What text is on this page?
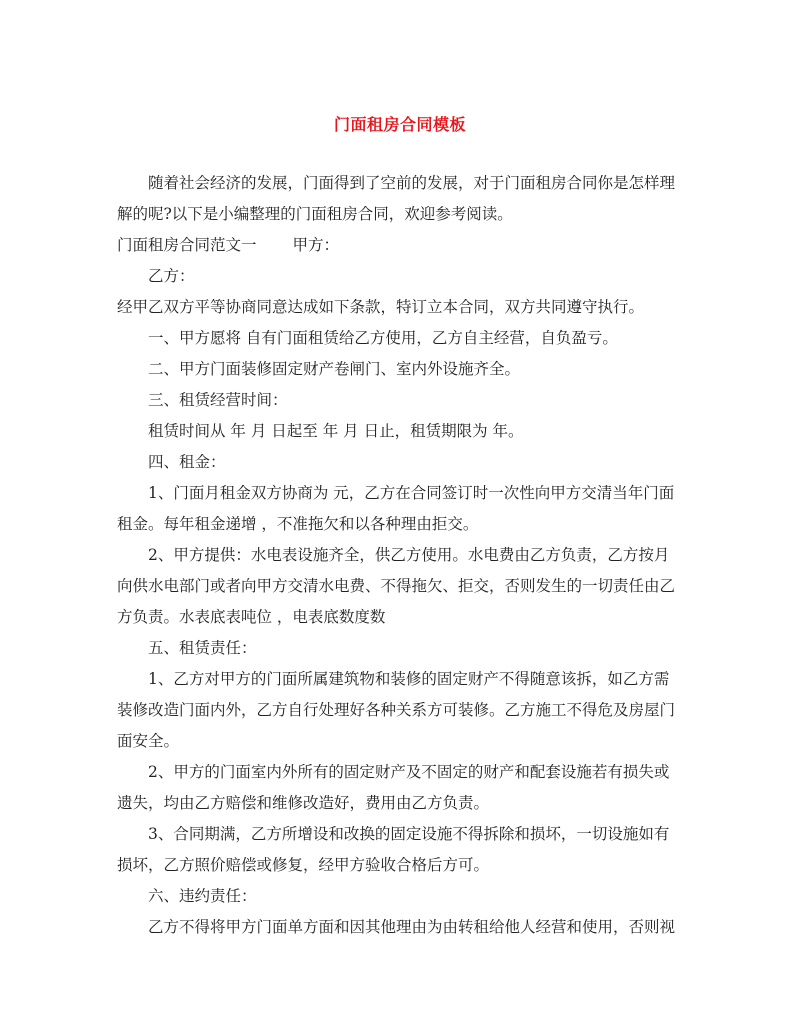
门面租房合同模板
随着社会经济的发展，门面得到了空前的发展，对于门面租房合同你是怎样理
解的呢?以下是小编整理的门面租房合同，欢迎参考阅读。
门面租房合同范文一 甲方：
乙方：
经甲乙双方平等协商同意达成如下条款，特订立本合同，双方共同遵守执行。
一、甲方愿将 自有门面租赁给乙方使用，乙方自主经营，自负盈亏。
二、甲方门面装修固定财产卷闸门、室内外设施齐全。
三、租赁经营时间：
租赁时间从 年 月 日起至 年 月 日止，租赁期限为 年。
四、租金：
1、门面月租金双方协商为 元，乙方在合同签订时一次性向甲方交清当年门面
租金。每年租金递增 ，不准拖欠和以各种理由拒交。
2、甲方提供：水电表设施齐全，供乙方使用。水电费由乙方负责，乙方按月
向供水电部门或者向甲方交清水电费、不得拖欠、拒交，否则发生的一切责任由乙
方负责。水表底表吨位 ，电表底数度数
五、租赁责任：
1、乙方对甲方的门面所属建筑物和装修的固定财产不得随意该拆，如乙方需
装修改造门面内外，乙方自行处理好各种关系方可装修。乙方施工不得危及房屋门
面安全。
2、甲方的门面室内外所有的固定财产及不固定的财产和配套设施若有损失或
遗失，均由乙方赔偿和维修改造好，费用由乙方负责。
3、合同期满，乙方所增设和改换的固定设施不得拆除和损坏，一切设施如有
损坏，乙方照价赔偿或修复，经甲方验收合格后方可。
六、违约责任：
乙方不得将甲方门面单方面和因其他理由为由转租给他人经营和使用，否则视
